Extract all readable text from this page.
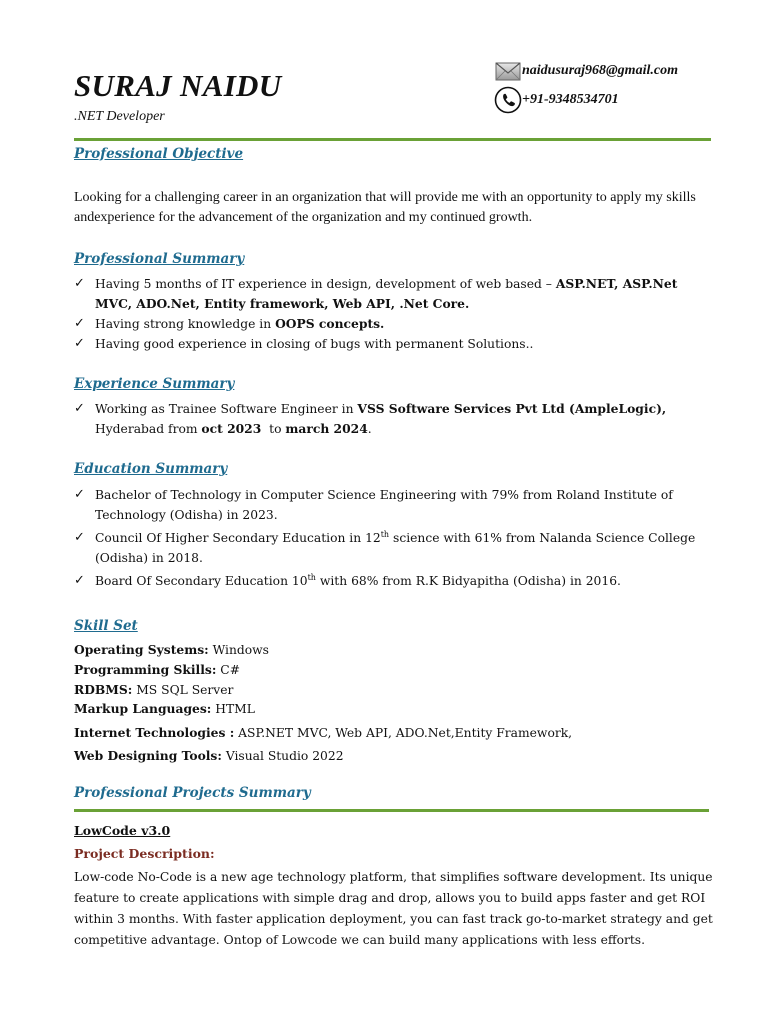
SURAJ NAIDU
.NET Developer
naidusuraj968@gmail.com
+91-9348534701
Professional Objective
Looking for a challenging career in an organization that will provide me with an opportunity to apply my skills andexperience for the advancement of the organization and my continued growth.
Professional Summary
✓ Having 5 months of IT experience in design, development of web based – ASP.NET, ASP.Net MVC, ADO.Net, Entity framework, Web API, .Net Core.
✓ Having strong knowledge in OOPS concepts.
✓ Having good experience in closing of bugs with permanent Solutions..
Experience Summary
✓ Working as Trainee Software Engineer in VSS Software Services Pvt Ltd (AmpleLogic), Hyderabad from oct 2023  to march 2024.
Education Summary
✓ Bachelor of Technology in Computer Science Engineering with 79% from Roland Institute of Technology (Odisha) in 2023.
✓ Council Of Higher Secondary Education in 12th science with 61% from Nalanda Science College (Odisha) in 2018.
✓ Board Of Secondary Education 10th with 68% from R.K Bidyapitha (Odisha) in 2016.
Skill Set
Operating Systems: Windows
Programming Skills: C#
RDBMS: MS SQL Server
Markup Languages: HTML
Internet Technologies : ASP.NET MVC, Web API, ADO.Net,Entity Framework,
Web Designing Tools: Visual Studio 2022
Professional Projects Summary
LowCode v3.0
Project Description:
Low-code No-Code is a new age technology platform, that simplifies software development. Its unique feature to create applications with simple drag and drop, allows you to build apps faster and get ROI within 3 months. With faster application deployment, you can fast track go-to-market strategy and get competitive advantage. Ontop of Lowcode we can build many applications with less efforts.
